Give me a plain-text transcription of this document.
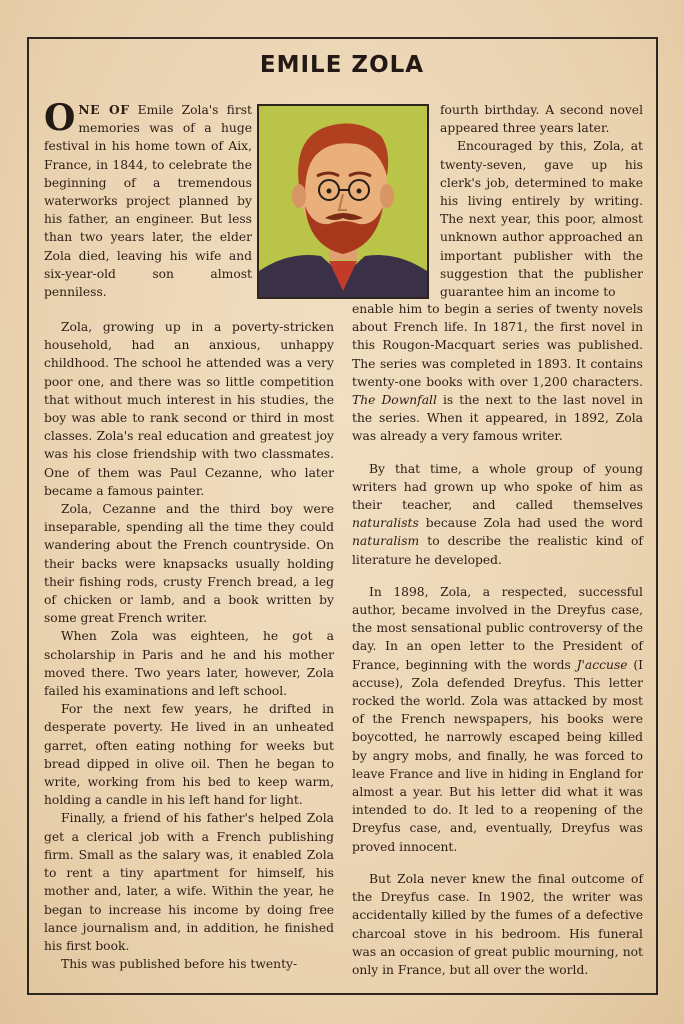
EMILE ZOLA

ONE OF Emile Zola's first memories was of a huge festival in his home town of Aix, France, in 1844, to celebrate the beginning of a tremendous waterworks project planned by his father, an engineer. But less than two years later, the elder Zola died, leaving his wife and six-year-old son almost penniless.

Zola, growing up in a poverty-stricken household, had an anxious, unhappy childhood. The school he attended was a very poor one, and there was so little competition that without much interest in his studies, the boy was able to rank second or third in most classes. Zola's real education and greatest joy was his close friendship with two classmates. One of them was Paul Cezanne, who later became a famous painter.

Zola, Cezanne and the third boy were inseparable, spending all the time they could wandering about the French countryside. On their backs were knapsacks usually holding their fishing rods, crusty French bread, a leg of chicken or lamb, and a book written by some great French writer.

When Zola was eighteen, he got a scholarship in Paris and he and his mother moved there. Two years later, however, Zola failed his examinations and left school.

For the next few years, he drifted in desperate poverty. He lived in an unheated garret, often eating nothing for weeks but bread dipped in olive oil. Then he began to write, working from his bed to keep warm, holding a candle in his left hand for light.

Finally, a friend of his father's helped Zola get a clerical job with a French publishing firm. Small as the salary was, it enabled Zola to rent a tiny apartment for himself, his mother and, later, a wife. Within the year, he began to increase his income by doing free lance journalism and, in addition, he finished his first book.

This was published before his twenty-

fourth birthday. A second novel appeared three years later.

Encouraged by this, Zola, at twenty-seven, gave up his clerk's job, determined to make his living entirely by writing. The next year, this poor, almost unknown author approached an important publisher with the suggestion that the publisher guarantee him an income to

enable him to begin a series of twenty novels about French life. In 1871, the first novel in this Rougon-Macquart series was published. The series was completed in 1893. It contains twenty-one books with over 1,200 characters. The Downfall is the next to the last novel in the series. When it appeared, in 1892, Zola was already a very famous writer.

By that time, a whole group of young writers had grown up who spoke of him as their teacher, and called themselves naturalists because Zola had used the word naturalism to describe the realistic kind of literature he developed.

In 1898, Zola, a respected, successful author, became involved in the Dreyfus case, the most sensational public controversy of the day. In an open letter to the President of France, beginning with the words J'accuse (I accuse), Zola defended Dreyfus. This letter rocked the world. Zola was attacked by most of the French newspapers, his books were boycotted, he narrowly escaped being killed by angry mobs, and finally, he was forced to leave France and live in hiding in England for almost a year. But his letter did what it was intended to do. It led to a reopening of the Dreyfus case, and, eventually, Dreyfus was proved innocent.

But Zola never knew the final outcome of the Dreyfus case. In 1902, the writer was accidentally killed by the fumes of a defective charcoal stove in his bedroom. His funeral was an occasion of great public mourning, not only in France, but all over the world.
